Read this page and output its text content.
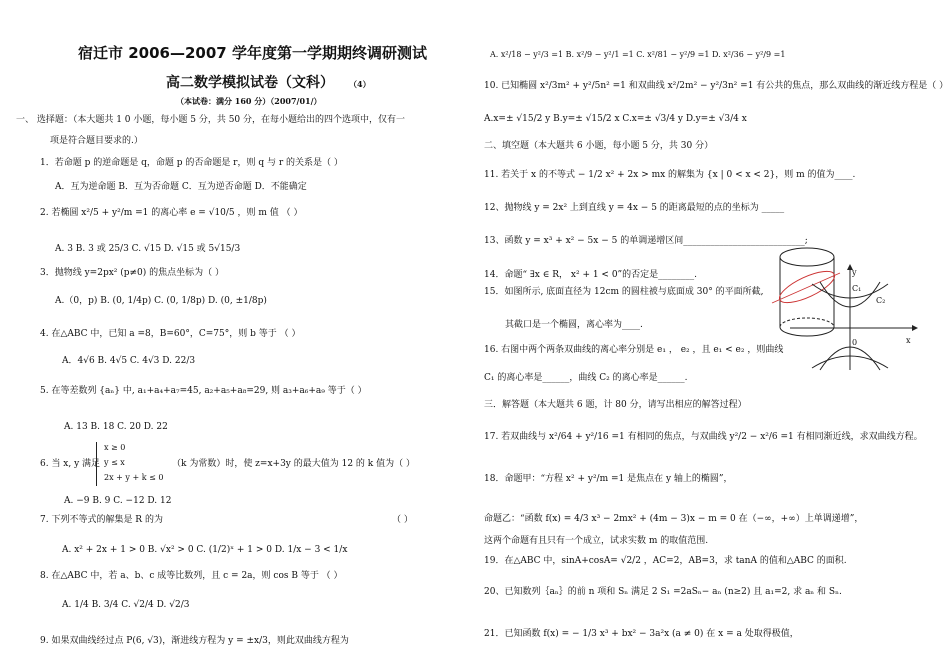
宿迁市 2006—2007 学年度第一学期期终调研测试
高二数学模拟试卷（文科） （4）
（本试卷：满分 160 分）（2007/01/）
一、 选择题：（本大题共 1 0 小题，每小题 5 分，共 50 分，在每小题给出的四个选项中，仅有一
项是符合题目要求的.）
1．若命题 p 的逆命题是 q，命题 p 的否命题是 r，则 q 与 r 的关系是（ ）
A．互为逆命题 B．互为否命题 C．互为逆否命题 D．不能确定
2. 若椭圆 x²/5 + y²/m =1 的离心率 e = √10/5 ，则 m 值 （ ）
A. 3 B. 3 或 25/3 C. √15 D. √15 或 5√15/3
3．抛物线 y=2px² (p≠0) 的焦点坐标为（ ）
A.（0，p) B. (0, 1/4p) C. (0, 1/8p) D. (0, ±1/8p)
4. 在△ABC 中，已知 a =8，B=60°，C=75°，则 b 等于 （ ）
A．4√6 B. 4√5 C. 4√3 D. 22/3
5. 在等差数列 {aₙ} 中, a₁+a₄+a₇=45, a₂+a₅+a₈=29, 则 a₃+a₆+a₉ 等于（ ）
A. 13 B. 18 C. 20 D. 22
6. 当 x, y 满足
x ≥ 0
y ≤ x
2x + y + k ≤ 0
（k 为常数）时，使 z=x+3y 的最大值为 12 的 k 值为（ ）
A. −9 B. 9 C. −12 D. 12
7. 下列不等式的解集是 R 的为	（ ）
A. x² + 2x + 1 > 0 B. √x² > 0 C. (1/2)ˣ + 1 > 0 D. 1/x − 3 < 1/x
8. 在△ABC 中，若 a、b、c 成等比数列，且 c = 2a，则 cos B 等于 （ ）
A. 1/4 B. 3/4 C. √2/4 D. √2/3
9. 如果双曲线经过点 P(6, √3)，渐进线方程为 y = ±x/3，则此双曲线方程为
A. x²/18 − y²/3 =1 B. x²/9 − y²/1 =1 C. x²/81 − y²/9 =1 D. x²/36 − y²/9 =1
10. 已知椭圆 x²/3m² + y²/5n² =1 和双曲线 x²/2m² − y²/3n² =1 有公共的焦点，那么双曲线的渐近线方程是（ ）
A.x=± √15/2 y B.y=± √15/2 x C.x=± √3/4 y D.y=± √3/4 x
二、填空题（本大题共 6 小题，每小题 5 分，共 30 分）
11. 若关于 x 的不等式 − 1/2 x² + 2x > mx 的解集为 {x | 0 < x < 2}，则 m 的值为____.
12、抛物线 y = 2x² 上到直线 y = 4x − 5 的距离最短的点的坐标为 _____
13、函数 y = x³ + x² − 5x − 5 的单调递增区间___________________________;
14．命题“ ∃x ∈ R， x² + 1 < 0”的否定是________.
15．如图所示, 底面直径为 12cm 的圆柱被与底面成 30° 的平面所截,
其截口是一个椭圆，离心率为____.
16. 右图中两个两条双曲线的离心率分别是 e₁ ， e₂ ，且 e₁ < e₂ ，则曲线
C₁ 的离心率是______，曲线 C₂ 的离心率是______.
三．解答题（本大题共 6 题，计 80 分，请写出相应的解答过程）
17. 若双曲线与 x²/64 + y²/16 =1 有相同的焦点，与双曲线 y²/2 − x²/6 =1 有相同渐近线，求双曲线方程。
18．命题甲：“方程 x² + y²/m =1 是焦点在 y 轴上的椭圆”，
命题乙：“函数 f(x) = 4/3 x³ − 2mx² + (4m − 3)x − m = 0 在（−∞，+∞）上单调递增”，
这两个命题有且只有一个成立，试求实数 m 的取值范围.
19．在△ABC 中，sinA+cosA= √2/2 ，AC=2，AB=3，求 tanA 的值和△ABC 的面积.
20、已知数列｛aₙ｝的前 n 项和 Sₙ 满足 2 S₁ =2aSₙ− aₙ (n≥2) 且 a₁=2, 求 aₙ 和 Sₙ.
21．已知函数 f(x) = − 1/3 x³ + bx² − 3a²x (a ≠ 0) 在 x = a 处取得极值，
y
x
0
C₁
C₂
